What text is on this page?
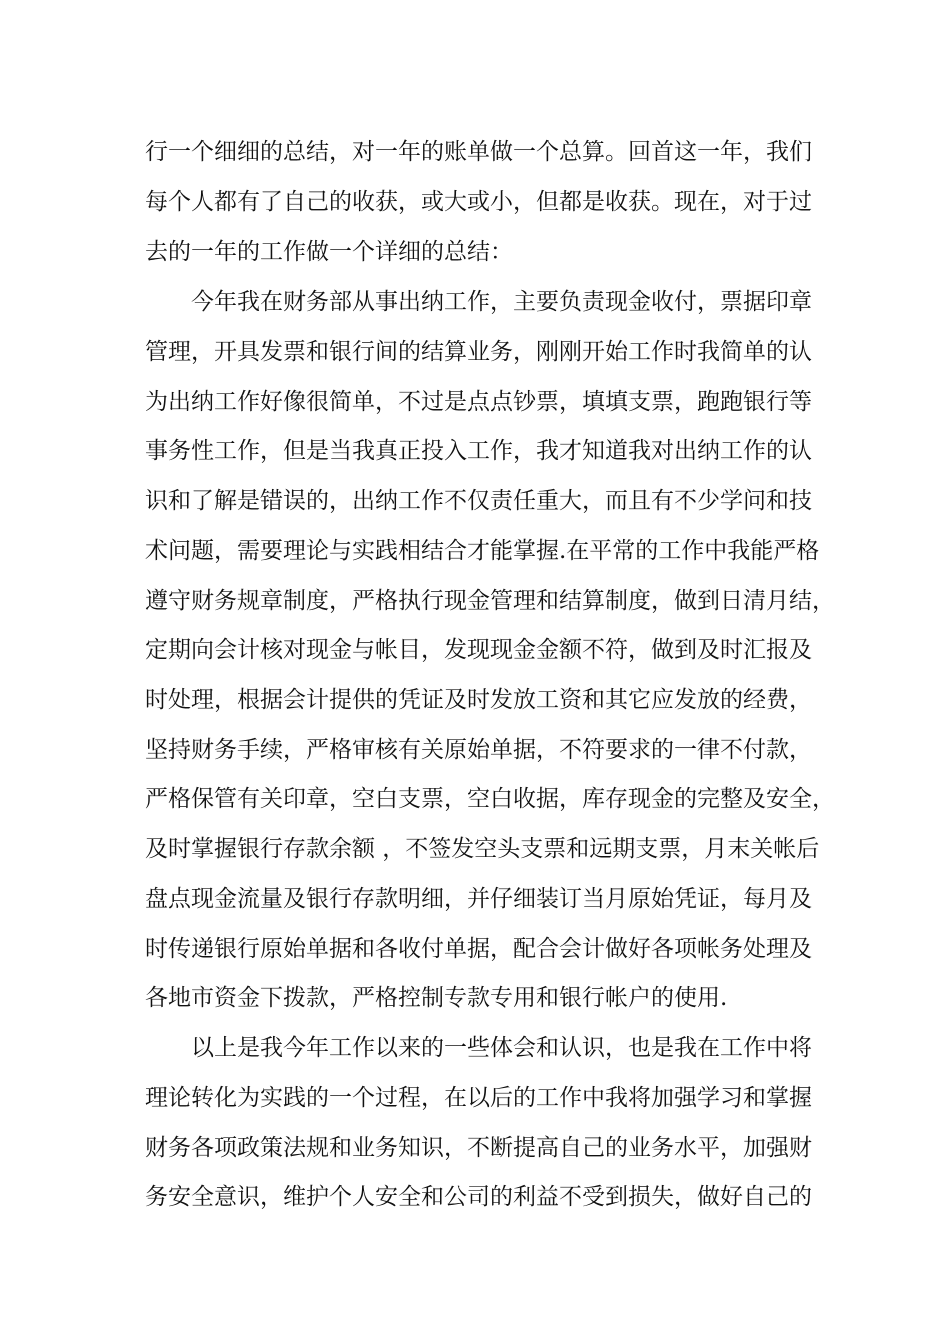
行一个细细的总结，对一年的账单做一个总算。回首这一年，我们
每个人都有了自己的收获，或大或小，但都是收获。现在，对于过
去的一年的工作做一个详细的总结：
今年我在财务部从事出纳工作，主要负责现金收付，票据印章
管理，开具发票和银行间的结算业务，刚刚开始工作时我简单的认
为出纳工作好像很简单，不过是点点钞票，填填支票，跑跑银行等
事务性工作，但是当我真正投入工作，我才知道我对出纳工作的认
识和了解是错误的，出纳工作不仅责任重大，而且有不少学问和技
术问题，需要理论与实践相结合才能掌握.在平常的工作中我能严格
遵守财务规章制度，严格执行现金管理和结算制度，做到日清月结，
定期向会计核对现金与帐目，发现现金金额不符，做到及时汇报及
时处理，根据会计提供的凭证及时发放工资和其它应发放的经费，
坚持财务手续，严格审核有关原始单据，不符要求的一律不付款，
严格保管有关印章，空白支票，空白收据，库存现金的完整及安全，
及时掌握银行存款余额 ，不签发空头支票和远期支票，月末关帐后
盘点现金流量及银行存款明细，并仔细装订当月原始凭证，每月及
时传递银行原始单据和各收付单据，配合会计做好各项帐务处理及
各地市资金下拨款，严格控制专款专用和银行帐户的使用.
以上是我今年工作以来的一些体会和认识，也是我在工作中将
理论转化为实践的一个过程，在以后的工作中我将加强学习和掌握
财务各项政策法规和业务知识，不断提高自己的业务水平，加强财
务安全意识，维护个人安全和公司的利益不受到损失，做好自己的
